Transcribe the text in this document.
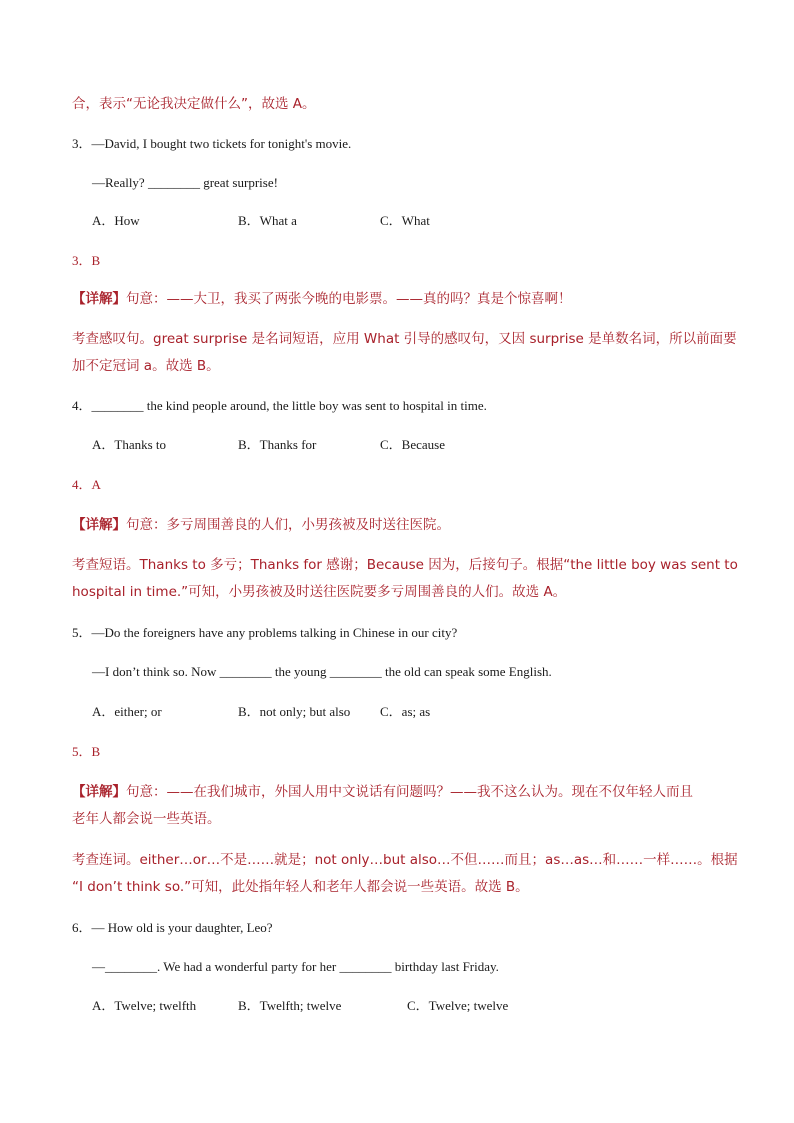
合，表示“无论我决定做什么”，故选 A。
3．—David, I bought two tickets for tonight's movie.
—Really? ________ great surprise!
A．How	B．What a	C．What
3．B
【详解】句意：——大卫，我买了两张今晚的电影票。——真的吗？真是个惊喜啊！
考查感叹句。great surprise 是名词短语，应用 What 引导的感叹句，又因 surprise 是单数名词，所以前面要
加不定冠词 a。故选 B。
4．________ the kind people around, the little boy was sent to hospital in time.
A．Thanks to	B．Thanks for	C．Because
4．A
【详解】句意：多亏周围善良的人们，小男孩被及时送往医院。
考查短语。Thanks to 多亏；Thanks for 感谢；Because 因为，后接句子。根据“the little boy was sent to
hospital in time.”可知，小男孩被及时送往医院要多亏周围善良的人们。故选 A。
5．—Do the foreigners have any problems talking in Chinese in our city?
—I don’t think so. Now ________ the young ________ the old can speak some English.
A．either; or	B．not only; but also C．as; as
5．B
【详解】句意：——在我们城市，外国人用中文说话有问题吗？——我不这么认为。现在不仅年轻人而且
老年人都会说一些英语。
考查连词。either…or…不是……就是；not only…but also…不但……而且；as…as…和……一样……。根据
“I don’t think so.”可知，此处指年轻人和老年人都会说一些英语。故选 B。
6．— How old is your daughter, Leo?
—________. We had a wonderful party for her ________ birthday last Friday.
A．Twelve; twelfth	B．Twelfth; twelve	C．Twelve; twelve
